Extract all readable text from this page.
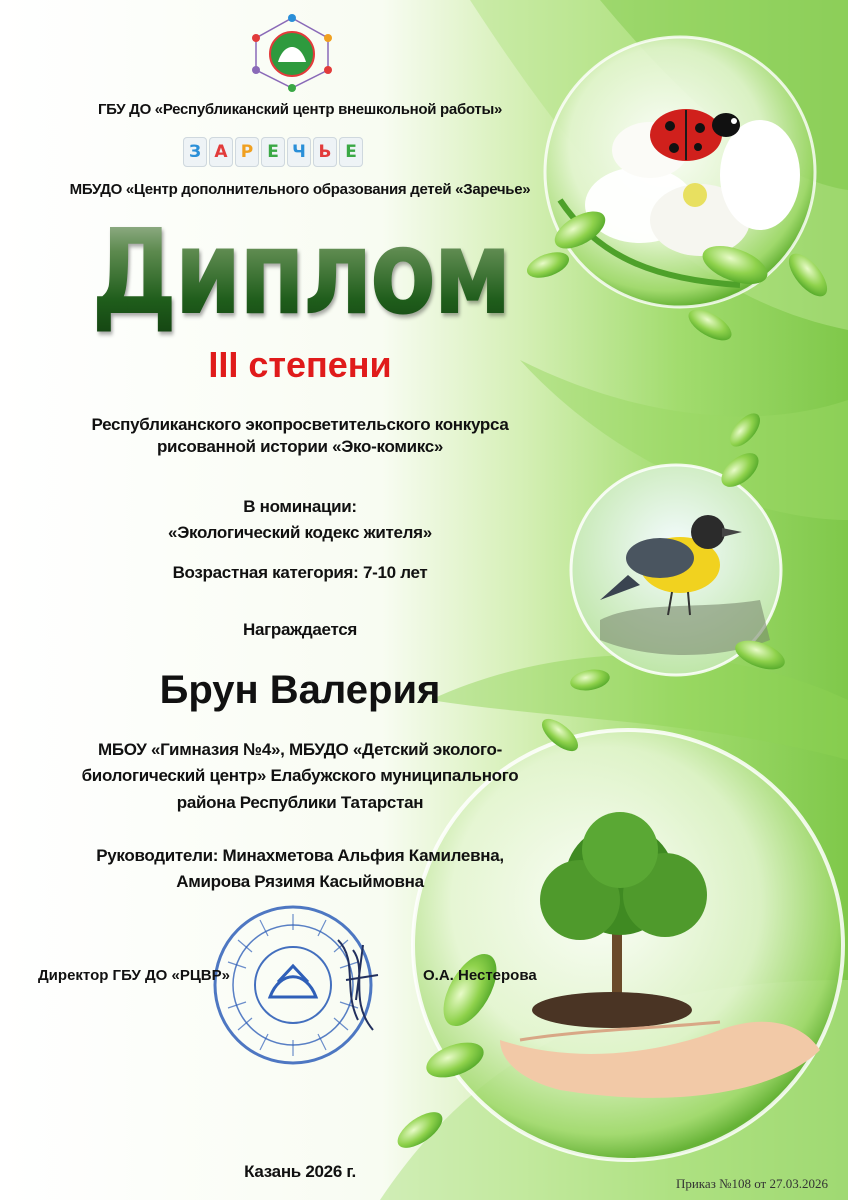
ГБУ ДО «Республиканский центр внешкольной работы»
З А Р Е Ч Ь Е
МБУДО «Центр дополнительного образования детей «Заречье»
Диплом
III степени
Республиканского экопросветительского конкурса
рисованной истории «Эко-комикс»
В номинации:
«Экологический кодекс жителя»
Возрастная категория: 7-10 лет
Награждается
Брун Валерия
МБОУ «Гимназия №4», МБУДО «Детский эколого-
биологический центр» Елабужского муниципального
района Республики Татарстан
Руководители: Минахметова Альфия Камилевна,
Амирова Рязимя Касыймовна
Директор ГБУ ДО «РЦВР»	О.А. Нестерова
Казань 2026 г.
Приказ №108 от 27.03.2026
